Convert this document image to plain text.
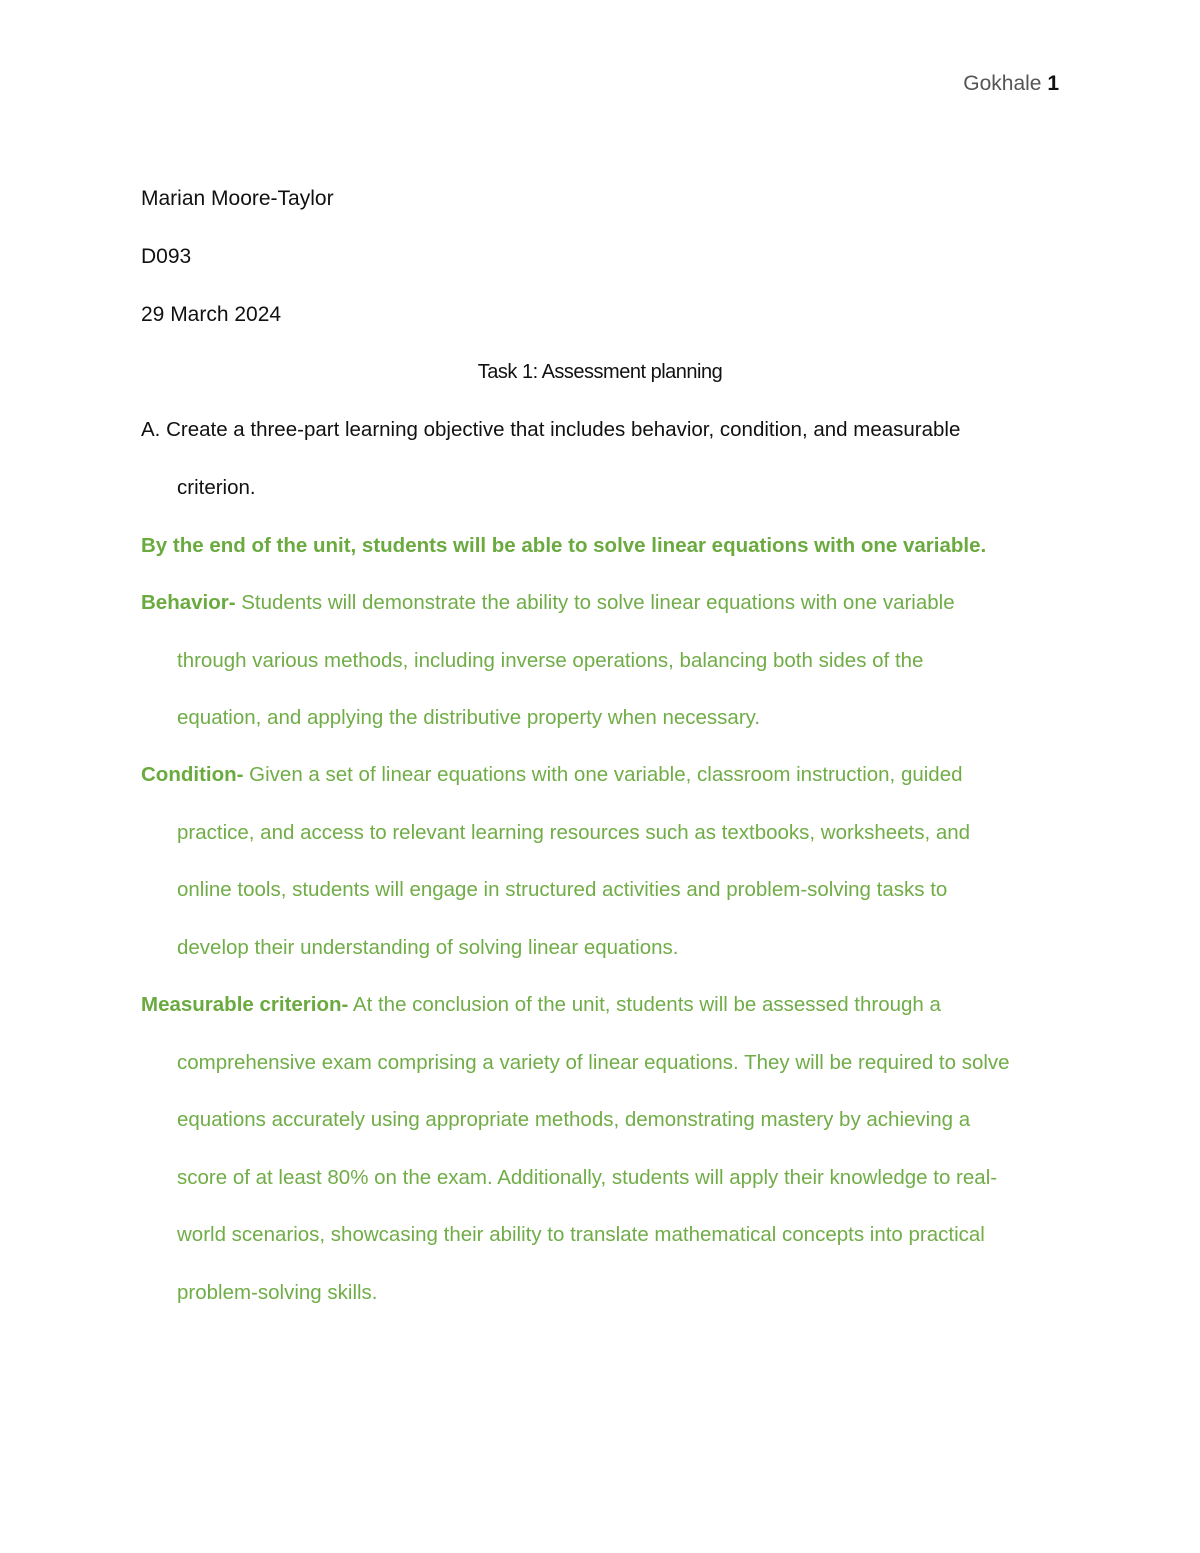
Gokhale 1
Marian Moore-Taylor
D093
29 March 2024
Task 1: Assessment planning
A. Create a three-part learning objective that includes behavior, condition, and measurable
criterion.
By the end of the unit, students will be able to solve linear equations with one variable.
Behavior- Students will demonstrate the ability to solve linear equations with one variable
through various methods, including inverse operations, balancing both sides of the
equation, and applying the distributive property when necessary.
Condition- Given a set of linear equations with one variable, classroom instruction, guided
practice, and access to relevant learning resources such as textbooks, worksheets, and
online tools, students will engage in structured activities and problem-solving tasks to
develop their understanding of solving linear equations.
Measurable criterion- At the conclusion of the unit, students will be assessed through a
comprehensive exam comprising a variety of linear equations. They will be required to solve
equations accurately using appropriate methods, demonstrating mastery by achieving a
score of at least 80% on the exam. Additionally, students will apply their knowledge to real-
world scenarios, showcasing their ability to translate mathematical concepts into practical
problem-solving skills.
